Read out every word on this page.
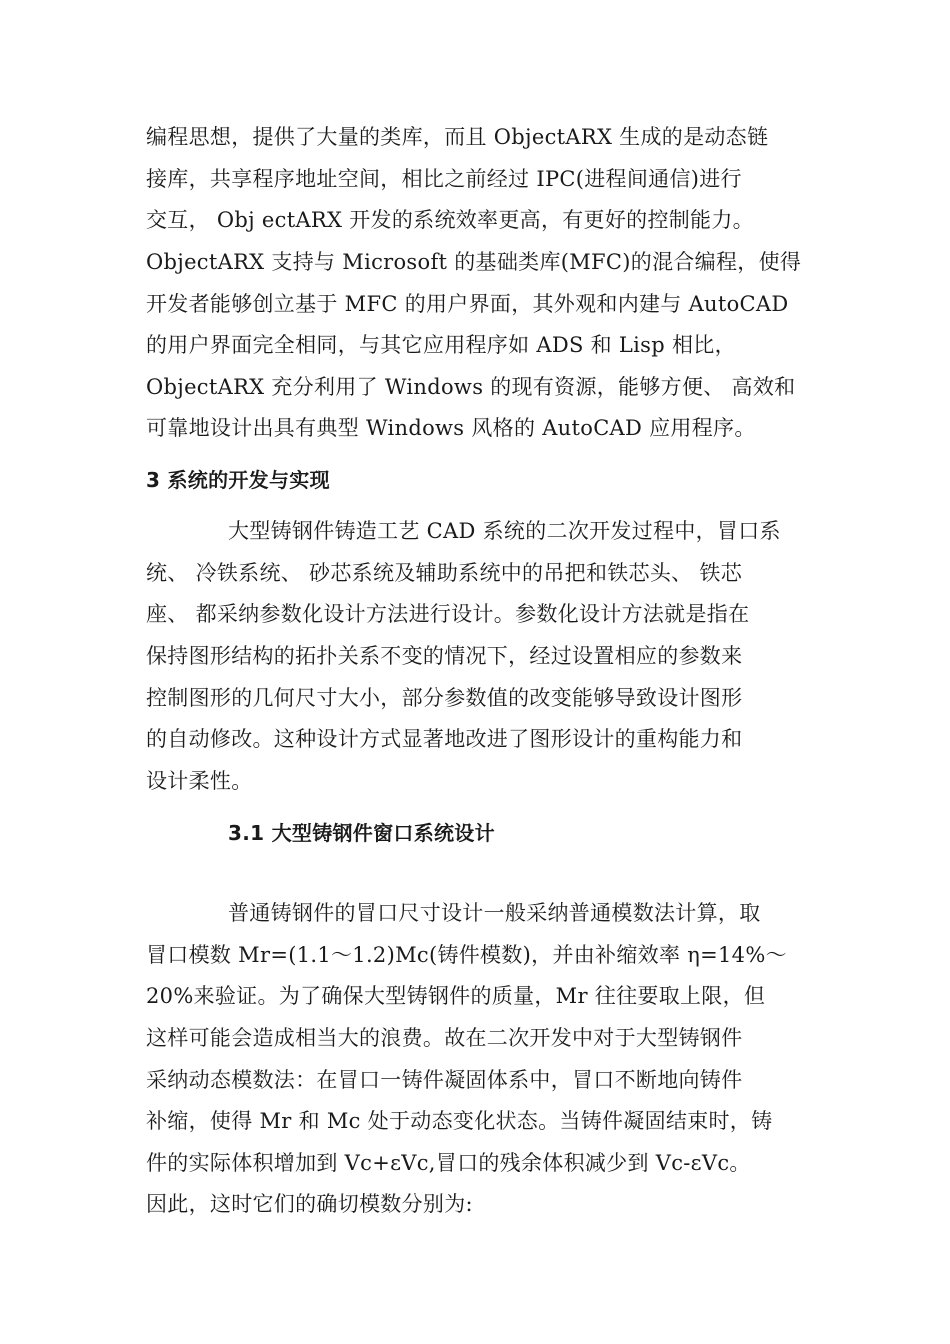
编程思想，提供了大量的类库，而且 ObjectARX 生成的是动态链
接库，共享程序地址空间，相比之前经过 IPC(进程间通信)进行
交互， Obj ectARX 开发的系统效率更高，有更好的控制能力。
ObjectARX 支持与 Microsoft 的基础类库(MFC)的混合编程，使得
开发者能够创立基于 MFC 的用户界面，其外观和内建与 AutoCAD
的用户界面完全相同，与其它应用程序如 ADS 和 Lisp 相比，
ObjectARX 充分利用了 Windows 的现有资源，能够方便、 高效和
可靠地设计出具有典型 Windows 风格的 AutoCAD 应用程序。
3 系统的开发与实现
大型铸钢件铸造工艺 CAD 系统的二次开发过程中，冒口系
统、 冷铁系统、 砂芯系统及辅助系统中的吊把和铁芯头、 铁芯
座、 都采纳参数化设计方法进行设计。参数化设计方法就是指在
保持图形结构的拓扑关系不变的情况下，经过设置相应的参数来
控制图形的几何尺寸大小，部分参数值的改变能够导致设计图形
的自动修改。这种设计方式显著地改进了图形设计的重构能力和
设计柔性。
3.1 大型铸钢件窗口系统设计
普通铸钢件的冒口尺寸设计一般采纳普通模数法计算，取
冒口模数 Mr=(1.1～1.2)Mc(铸件模数)，并由补缩效率 η=14%～
20%来验证。为了确保大型铸钢件的质量，Mr 往往要取上限，但
这样可能会造成相当大的浪费。故在二次开发中对于大型铸钢件
采纳动态模数法：在冒口一铸件凝固体系中，冒口不断地向铸件
补缩，使得 Mr 和 Mc 处于动态变化状态。当铸件凝固结束时，铸
件的实际体积增加到 Vc+εVc,冒口的残余体积减少到 Vc-εVc。
因此，这时它们的确切模数分别为:
